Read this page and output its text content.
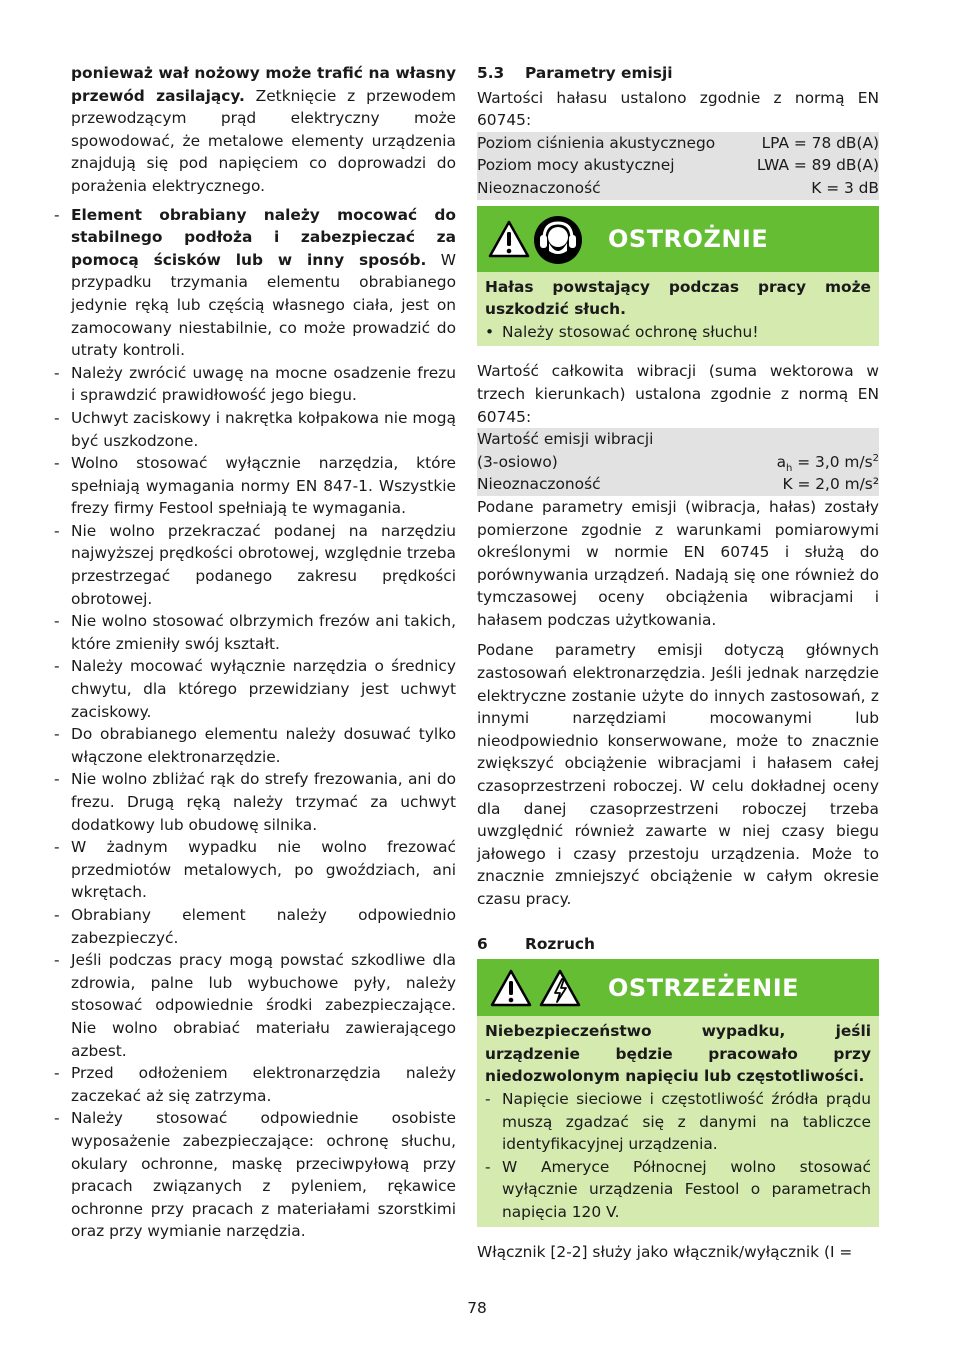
ponieważ wał nożowy może trafić na własny przewód zasilający. Zetknięcie z przewodem przewodzącym prąd elektryczny może spowodować, że metalowe elementy urządzenia znajdują się pod napięciem co doprowadzi do porażenia elektrycznego.

- Element obrabiany należy mocować do stabilnego podłoża i zabezpieczać za pomocą ścisków lub w inny sposób. W przypadku trzymania elementu obrabianego jedynie ręką lub częścią własnego ciała, jest on zamocowany niestabilnie, co może prowadzić do utraty kontroli.
- Należy zwrócić uwagę na mocne osadzenie frezu i sprawdzić prawidłowość jego biegu.
- Uchwyt zaciskowy i nakrętka kołpakowa nie mogą być uszkodzone.
- Wolno stosować wyłącznie narzędzia, które spełniają wymagania normy EN 847-1. Wszystkie frezy firmy Festool spełniają te wymagania.
- Nie wolno przekraczać podanej na narzędziu najwyższej prędkości obrotowej, względnie trzeba przestrzegać podanego zakresu prędkości obrotowej.
- Nie wolno stosować olbrzymich frezów ani takich, które zmieniły swój kształt.
- Należy mocować wyłącznie narzędzia o średnicy chwytu, dla którego przewidziany jest uchwyt zaciskowy.
- Do obrabianego elementu należy dosuwać tylko włączone elektronarzędzie.
- Nie wolno zbliżać rąk do strefy frezowania, ani do frezu. Drugą ręką należy trzymać za uchwyt dodatkowy lub obudowę silnika.
- W żadnym wypadku nie wolno frezować przedmiotów metalowych, po gwoździach, ani wkrętach.
- Obrabiany element należy odpowiednio zabezpieczyć.
- Jeśli podczas pracy mogą powstać szkodliwe dla zdrowia, palne lub wybuchowe pyły, należy stosować odpowiednie środki zabezpieczające. Nie wolno obrabiać materiału zawierającego azbest.
- Przed odłożeniem elektronarzędzia należy zaczekać aż się zatrzyma.
- Należy stosować odpowiednie osobiste wyposażenie zabezpieczające: ochronę słuchu, okulary ochronne, maskę przeciwpyłową przy pracach związanych z pyleniem, rękawice ochronne przy pracach z materiałami szorstkimi oraz przy wymianie narzędzia.
5.3 Parametry emisji

Wartości hałasu ustalono zgodnie z normą EN 60745:

Poziom ciśnienia akustycznego	LPA = 78 dB(A)
Poziom mocy akustycznej	LWA = 89 dB(A)
Nieoznaczoność	K = 3 dB
OSTROŻNIE

Hałas powstający podczas pracy może uszkodzić słuch.

• Należy stosować ochronę słuchu!

Wartość całkowita wibracji (suma wektorowa w trzech kierunkach) ustalona zgodnie z normą EN 60745:

Wartość emisji wibracji	
(3-osiowo)	$a_h = 3,0$ $m/s^2$
Nieoznaczoność	K = 2,0 m/s²

Podane parametry emisji (wibracja, hałas) zostały pomierzone zgodnie z warunkami pomiarowymi określonymi w normie EN 60745 i służą do porównywania urządzeń. Nadają się one również do tymczasowej oceny obciążenia wibracjami i hałasem podczas użytkowania.

Podane parametry emisji dotyczą głównych zastosowań elektronarzędzia. Jeśli jednak narzędzie elektryczne zostanie użyte do innych zastosowań, z innymi narzędziami mocowanymi lub nieodpowiednio konserwowane, może to znacznie zwiększyć obciążenie wibracjami i hałasem całej czasoprzestrzeni roboczej. W celu dokładnej oceny dla danej czasoprzestrzeni roboczej trzeba uwzględnić również zawarte w niej czasy biegu jałowego i czasy przestoju urządzenia. Może to znacznie zmniejszyć obciążenie w całym okresie czasu pracy.

6 Rozruch
OSTRZEŻENIE

Niebezpieczeństwo wypadku, jeśli urządzenie będzie pracowało przy niedozwolonym napięciu lub częstotliwości.

- Napięcie sieciowe i częstotliwość źródła prądu muszą zgadzać się z danymi na tabliczce identyfikacyjnej urządzenia.
- W Ameryce Północnej wolno stosować wyłącznie urządzenia Festool o parametrach napięcia 120 V.

Włącznik [2-2] służy jako włącznik/wyłącznik (I =

78
